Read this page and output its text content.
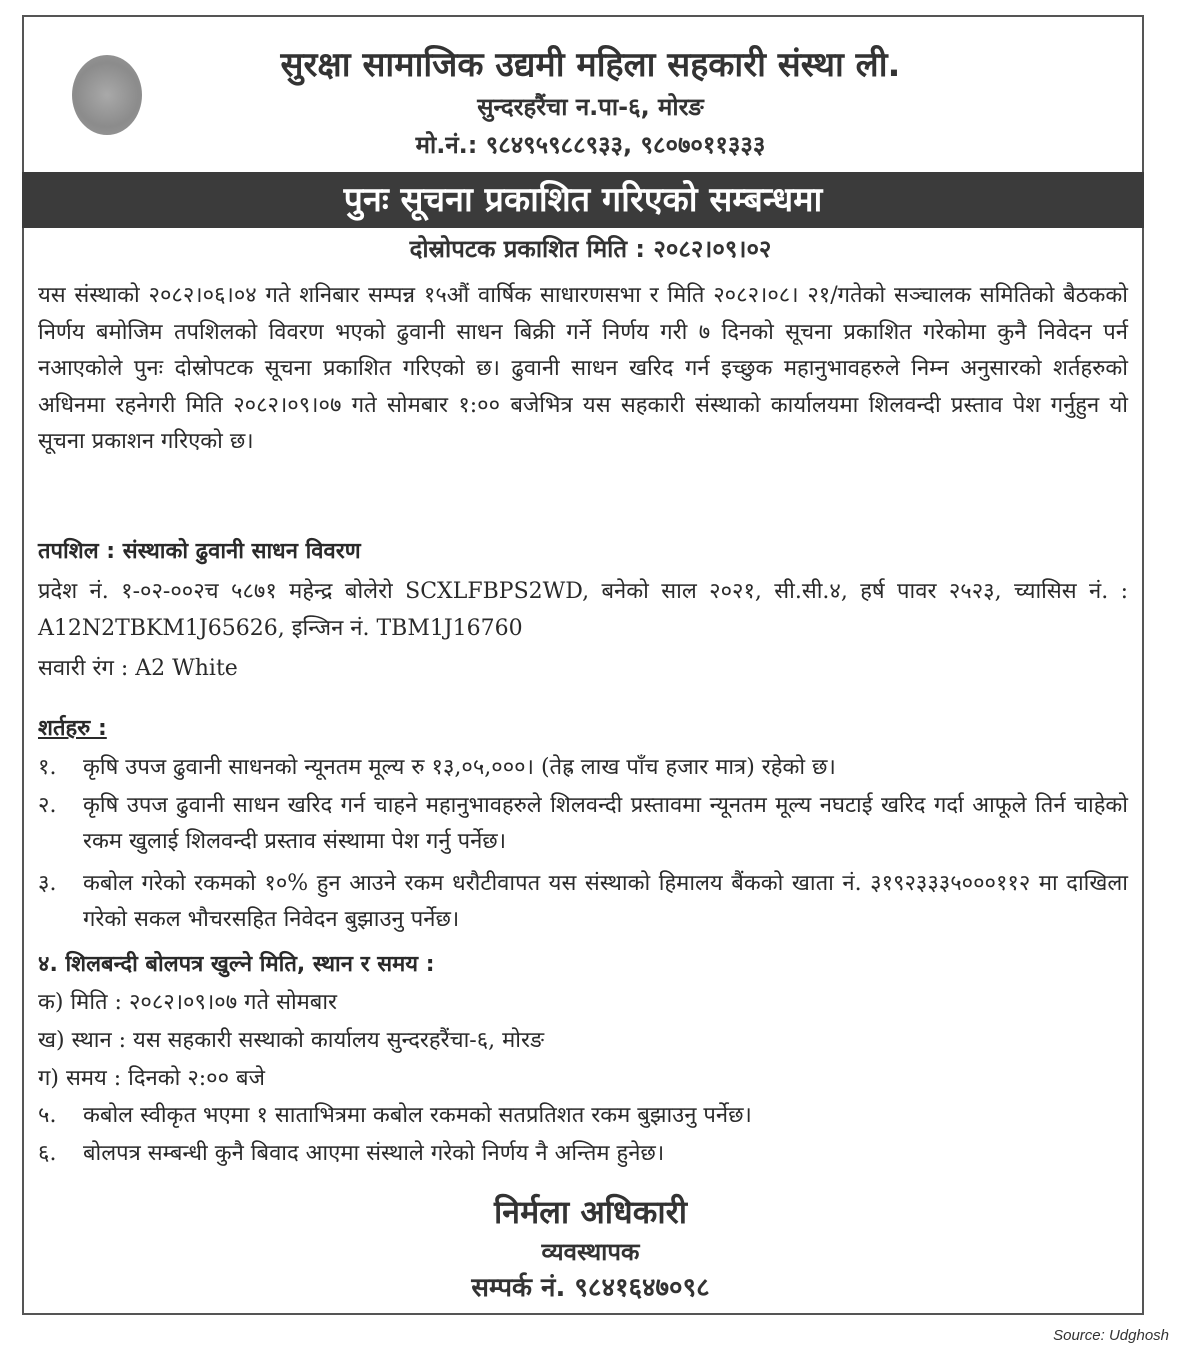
सुरक्षा सामाजिक उद्यमी महिला सहकारी संस्था ली.
सुन्दरहरैंचा न.पा-६, मोरङ
मो.नं.: ९८४९५९८८९३३, ९८०७०११३३३
पुनः सूचना प्रकाशित गरिएको सम्बन्धमा
दोस्रोपटक प्रकाशित मिति : २०८२।०९।०२
यस संस्थाको २०८२।०६।०४ गते शनिबार सम्पन्न १५औं वार्षिक साधारणसभा र मिति २०८२।०८। २१/गतेको सञ्चालक समितिको बैठकको निर्णय बमोजिम तपशिलको विवरण भएको ढुवानी साधन बिक्री गर्ने निर्णय गरी ७ दिनको सूचना प्रकाशित गरेकोमा कुनै निवेदन पर्न नआएकोले पुनः दोस्रोपटक सूचना प्रकाशित गरिएको छ। ढुवानी साधन खरिद गर्न इच्छुक महानुभावहरुले निम्न अनुसारको शर्तहरुको अधिनमा रहनेगरी मिति २०८२।०९।०७ गते सोमबार १:०० बजेभित्र यस सहकारी संस्थाको कार्यालयमा शिलवन्दी प्रस्ताव पेश गर्नुहुन यो सूचना प्रकाशन गरिएको छ।
तपशिल : संस्थाको ढुवानी साधन विवरण
प्रदेश नं. १-०२-००२च ५८७१ महेन्द्र बोलेरो SCXLFBPS2WD, बनेको साल २०२१, सी.सी.४, हर्ष पावर २५२३, च्यासिस नं. : A12N2TBKM1J65626, इन्जिन नं. TBM1J16760
सवारी रंग : A2 White
शर्तहरु :
१.	कृषि उपज ढुवानी साधनको न्यूनतम मूल्य रु १३,०५,०००। (तेह्र लाख पाँच हजार मात्र) रहेको छ।
२.	कृषि उपज ढुवानी साधन खरिद गर्न चाहने महानुभावहरुले शिलवन्दी प्रस्तावमा न्यूनतम मूल्य नघटाई खरिद गर्दा आफूले तिर्न चाहेको रकम खुलाई शिलवन्दी प्रस्ताव संस्थामा पेश गर्नु पर्नेछ।
३.	कबोल गरेको रकमको १०% हुन आउने रकम धरौटीवापत यस संस्थाको हिमालय बैंकको खाता नं. ३१९२३३३५०००११२ मा दाखिला गरेको सकल भौचरसहित निवेदन बुझाउनु पर्नेछ।
४. शिलबन्दी बोलपत्र खुल्ने मिति, स्थान र समय :
क) मिति : २०८२।०९।०७ गते सोमबार
ख) स्थान : यस सहकारी सस्थाको कार्यालय सुन्दरहरैंचा-६, मोरङ
ग) समय : दिनको २:०० बजे
५.	कबोल स्वीकृत भएमा १ साताभित्रमा कबोल रकमको सतप्रतिशत रकम बुझाउनु पर्नेछ।
६.	बोलपत्र सम्बन्धी कुनै बिवाद आएमा संस्थाले गरेको निर्णय नै अन्तिम हुनेछ।
निर्मला अधिकारी
व्यवस्थापक
सम्पर्क नं. ९८४१६४७०९८
Source: Udghosh
